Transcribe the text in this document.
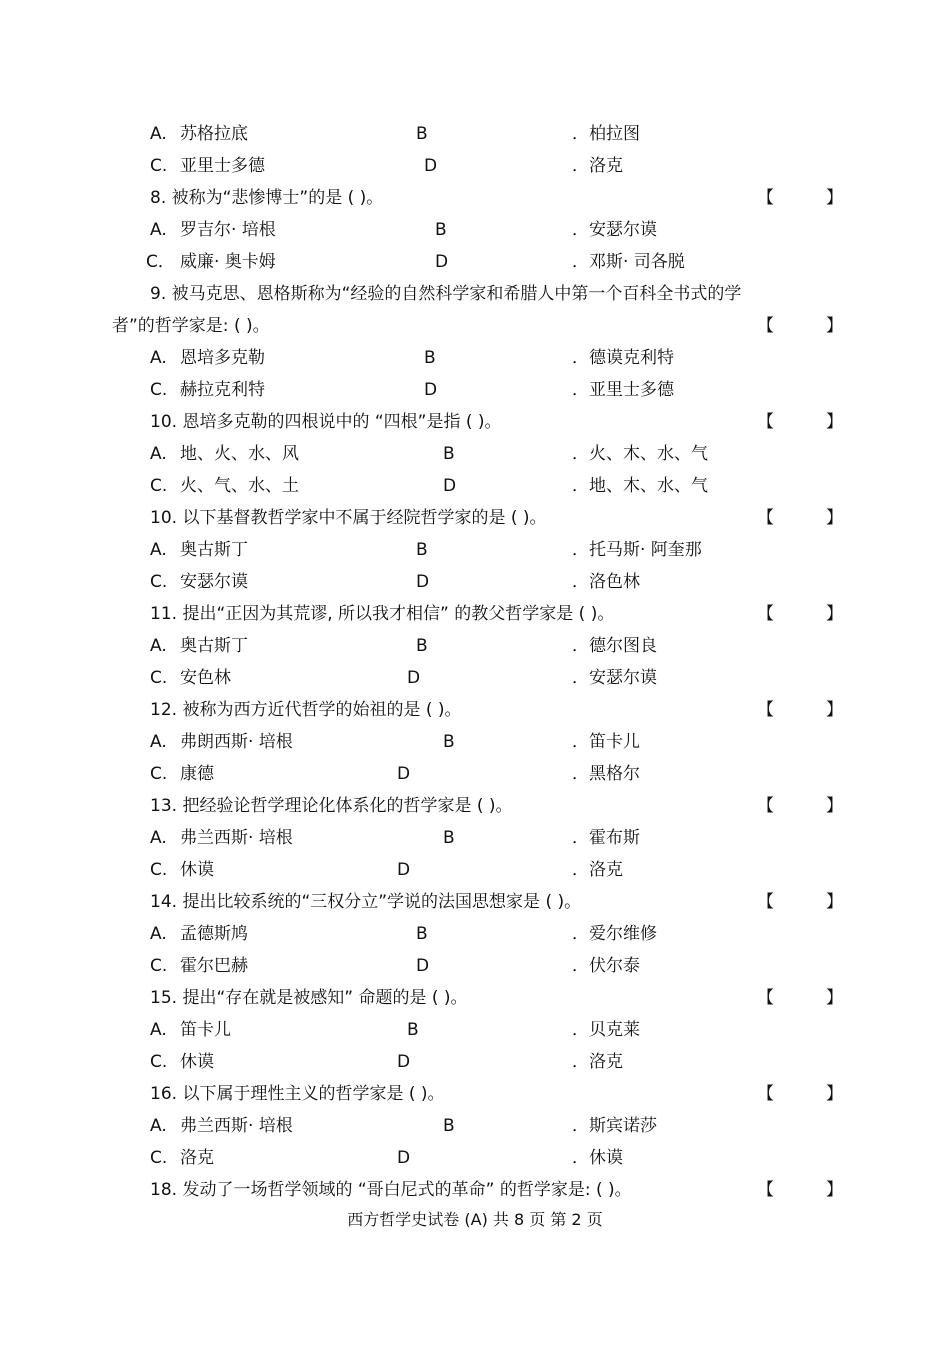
A. 苏格拉底	B	．柏拉图
C. 亚里士多德	D	．洛克
8. 被称为“悲惨博士”的是 ( )。	【	】
A. 罗吉尔· 培根	B	．安瑟尔谟
C． 威廉· 奥卡姆	D	．邓斯· 司各脱
9. 被马克思、恩格斯称为“经验的自然科学家和希腊人中第一个百科全书式的学
者”的哲学家是: ( )。	【	】
A. 恩培多克勒	B	．德谟克利特
C. 赫拉克利特	D	．亚里士多德
10. 恩培多克勒的四根说中的 “四根”是指 ( )。	【	】
A. 地、火、水、风	B	．火、木、水、气
C. 火、气、水、土	D	．地、木、水、气
10. 以下基督教哲学家中不属于经院哲学家的是 ( )。	【	】
A. 奥古斯丁	B	．托马斯· 阿奎那
C. 安瑟尔谟	D	．洛色林
11. 提出“正因为其荒谬, 所以我才相信” 的教父哲学家是 ( )。	【	】
A. 奥古斯丁	B	．德尔图良
C. 安色林	D	．安瑟尔谟
12. 被称为西方近代哲学的始祖的是 ( )。	【	】
A. 弗朗西斯· 培根	B	．笛卡儿
C. 康德	D	．黑格尔
13. 把经验论哲学理论化体系化的哲学家是 ( )。	【	】
A. 弗兰西斯· 培根	B	．霍布斯
C. 休谟	D	．洛克
14. 提出比较系统的“三权分立”学说的法国思想家是 ( )。	【	】
A. 孟德斯鸠	B	．爱尔维修
C. 霍尔巴赫	D	．伏尔泰
15. 提出“存在就是被感知” 命题的是 ( )。	【	】
A. 笛卡儿	B	．贝克莱
C. 休谟	D	．洛克
16. 以下属于理性主义的哲学家是 ( )。	【	】
A. 弗兰西斯· 培根	B	．斯宾诺莎
C. 洛克	D	．休谟
18. 发动了一场哲学领域的 “哥白尼式的革命” 的哲学家是: ( )。	【	】
西方哲学史试卷 (A) 共 8 页 第 2 页
